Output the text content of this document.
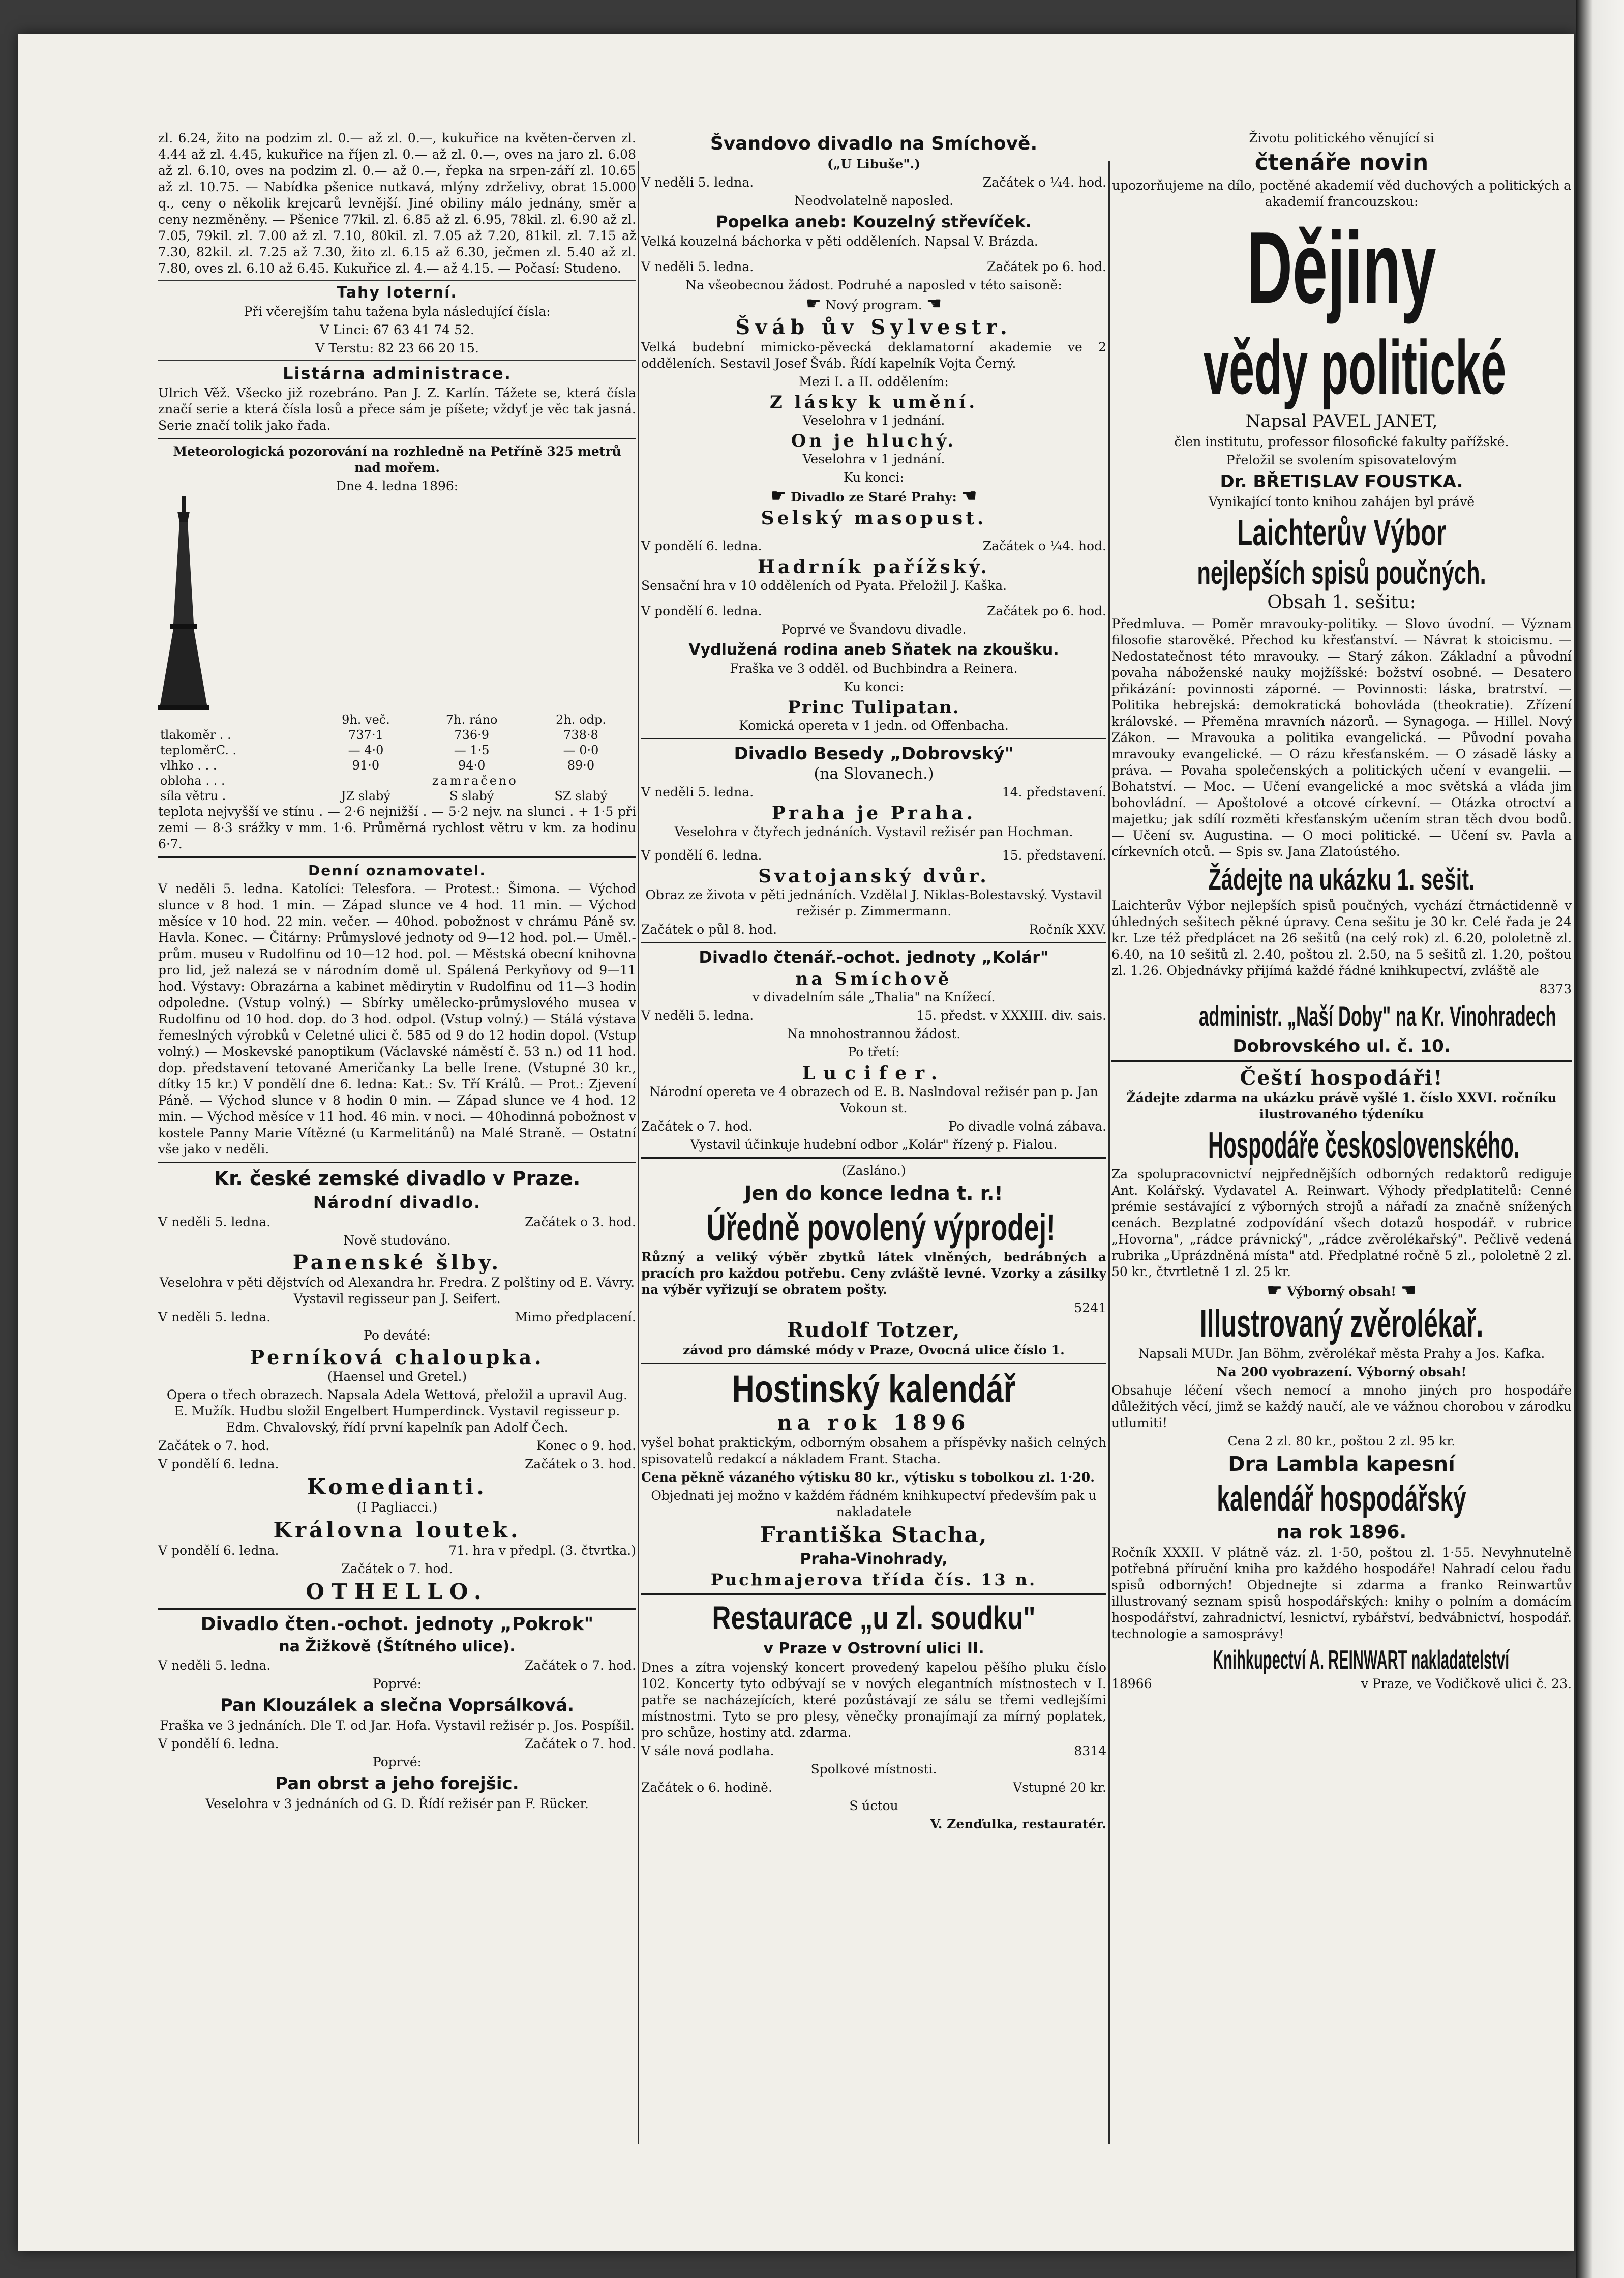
zl. 6.24, žito na podzim zl. 0.— až zl. 0.—, kukuřice na květen-červen zl. 4.44 až zl. 4.45, kukuřice na říjen zl. 0.— až zl. 0.—, oves na jaro zl. 6.08 až zl. 6.10, oves na podzim zl. 0.— až 0.—, řepka na srpen-září zl. 10.65 až zl. 10.75. — Nabídka pšenice nutkavá, mlýny zdrželivy, obrat 15.000 q., ceny o několik krejcarů levnější. Jiné obiliny málo jednány, směr a ceny nezměněny. — Pšenice 77kil. zl. 6.85 až zl. 6.95, 78kil. zl. 6.90 až zl. 7.05, 79kil. zl. 7.00 až zl. 7.10, 80kil. zl. 7.05 až 7.20, 81kil. zl. 7.15 až 7.30, 82kil. zl. 7.25 až 7.30, žito zl. 6.15 až 6.30, ječmen zl. 5.40 až zl. 7.80, oves zl. 6.10 až 6.45. Kukuřice zl. 4.— až 4.15. — Počasí: Studeno.

Tahy loterní.

Při včerejším tahu tažena byla následující čísla:

V Linci: 67 63 41 74 52.

V Terstu: 82 23 66 20 15.

Listárna administrace.

Ulrich Věž. Všecko již rozebráno. Pan J. Z. Karlín. Tážete se, která čísla značí serie a která čísla losů a přece sám je píšete; vždyť je věc tak jasná. Serie značí tolik jako řada.

Meteorologická pozorování na rozhledně na Petříně 325 metrů nad mořem.

Dne 4. ledna 1896:

	9h. več.	7h. ráno	2h. odp.
tlakoměr . .	737·1	736·9	738·8
teploměrC. .	— 4·0	— 1·5	— 0·0
vlhko . . .	91·0	94·0	89·0
obloha . . .	zamračeno		
síla větru .	JZ slabý	S slabý	SZ slabý

teplota nejvyšší ve stínu . — 2·6 nejnižší . — 5·2 nejv. na slunci . + 1·5 při zemi — 8·3 srážky v mm. 1·6. Průměrná rychlost větru v km. za hodinu 6·7.

Denní oznamovatel.

V neděli 5. ledna. Katolíci: Telesfora. — Protest.: Šimona. — Východ slunce v 8 hod. 1 min. — Západ slunce ve 4 hod. 11 min. — Východ měsíce v 10 hod. 22 min. večer. — 40hod. pobožnost v chrámu Páně sv. Havla. Konec. — Čitárny: Průmyslové jednoty od 9—12 hod. pol.— Uměl.-prům. museu v Rudolfinu od 10—12 hod. pol. — Městská obecní knihovna pro lid, jež nalezá se v národním domě ul. Spálená Perkyňovy od 9—11 hod. Výstavy: Obrazárna a kabinet mědirytin v Rudolfinu od 11—3 hodin odpoledne. (Vstup volný.) — Sbírky umělecko-průmyslového musea v Rudolfinu od 10 hod. dop. do 3 hod. odpol. (Vstup volný.) — Stálá výstava řemeslných výrobků v Celetné ulici č. 585 od 9 do 12 hodin dopol. (Vstup volný.) — Moskevské panoptikum (Václavské náměstí č. 53 n.) od 11 hod. dop. představení tetované Američanky La belle Irene. (Vstupné 30 kr., dítky 15 kr.) V pondělí dne 6. ledna: Kat.: Sv. Tří Králů. — Prot.: Zjevení Páně. — Východ slunce v 8 hodin 0 min. — Západ slunce ve 4 hod. 12 min. — Východ měsíce v 11 hod. 46 min. v noci. — 40hodinná pobožnost v kostele Panny Marie Vítězné (u Karmelitánů) na Malé Straně. — Ostatní vše jako v neděli.

Kr. české zemské divadlo v Praze.
Národní divadlo.
V neděli 5. ledna.	Začátek o 3. hod.

Nově studováno.

Panenské šlby.

Veselohra v pěti dějstvích od Alexandra hr. Fredra. Z polštiny od E. Vávry. Vystavil regisseur pan J. Seifert.

V neděli 5. ledna.	Mimo předplacení.

Po deváté:

Perníková chaloupka.

(Haensel und Gretel.)

Opera o třech obrazech. Napsala Adela Wettová, přeložil a upravil Aug. E. Mužík. Hudbu složil Engelbert Humperdinck. Vystavil regisseur p. Edm. Chvalovský, řídí první kapelník pan Adolf Čech.

Začátek o 7. hod.	Konec o 9. hod.
V pondělí 6. ledna.	Začátek o 3. hod.
Komedianti.

(I Pagliacci.)

Královna loutek.
V pondělí 6. ledna.	71. hra v předpl. (3. čtvrtka.)

Začátek o 7. hod.

OTHELLO.
Divadlo čten.-ochot. jednoty „Pokrok"
na Žižkově (Štítného ulice).
V neděli 5. ledna.	Začátek o 7. hod.

Poprvé:

Pan Klouzálek a slečna Voprsálková.

Fraška ve 3 jednáních. Dle T. od Jar. Hofa. Vystavil režisér p. Jos. Pospíšil.

V pondělí 6. ledna.	Začátek o 7. hod.

Poprvé:

Pan obrst a jeho forejšic.

Veselohra v 3 jednáních od G. D. Řídí režisér pan F. Rücker.

Švandovo divadlo na Smíchově.

(„U Libuše".)

V neděli 5. ledna.	Začátek o ¼4. hod.

Neodvolatelně naposled.

Popelka aneb: Kouzelný střevíček.

Velká kouzelná báchorka v pěti odděleních. Napsal V. Brázda.

V neděli 5. ledna.	Začátek po 6. hod.

Na všeobecnou žádost. Podruhé a naposled v této saisoně:

☛ Nový program. ☚

Šváb ův Sylvestr.

Velká budební mimicko-pěvecká deklamatorní akademie ve 2 odděleních. Sestavil Josef Šváb. Řídí kapelník Vojta Černý.

Mezi I. a II. oddělením:

Z lásky k umění.

Veselohra v 1 jednání.

On je hluchý.

Veselohra v 1 jednání.

Ku konci:

☛ Divadlo ze Staré Prahy: ☚

Selský masopust.
V pondělí 6. ledna.	Začátek o ¼4. hod.
Hadrník pařížský.

Sensační hra v 10 odděleních od Pyata. Přeložil J. Kaška.

V pondělí 6. ledna.	Začátek po 6. hod.

Poprvé ve Švandovu divadle.

Vydlužená rodina aneb Sňatek na zkoušku.

Fraška ve 3 odděl. od Buchbindra a Reinera.

Ku konci:

Princ Tulipatan.

Komická opereta v 1 jedn. od Offenbacha.

Divadlo Besedy „Dobrovský"

(na Slovanech.)

V neděli 5. ledna.	14. představení.
Praha je Praha.

Veselohra v čtyřech jednáních. Vystavil režisér pan Hochman.

V pondělí 6. ledna.	15. představení.
Svatojanský dvůr.

Obraz ze života v pěti jednáních. Vzdělal J. Niklas-Bolestavský. Vystavil režisér p. Zimmermann.

Začátek o půl 8. hod.	Ročník XXV.
Divadlo čtenář.-ochot. jednoty „Kolár"
na Smíchově

v divadelním sále „Thalia" na Knížecí.

V neděli 5. ledna.	15. předst. v XXXIII. div. sais.

Na mnohostrannou žádost.

Po třetí:

Lucifer.

Národní opereta ve 4 obrazech od E. B. Naslndoval režisér pan p. Jan Vokoun st.

Začátek o 7. hod.	Po divadle volná zábava.

Vystavil účinkuje hudební odbor „Kolár" řízený p. Fialou.

(Zasláno.)

Jen do konce ledna t. r.!
Úředně povolený výprodej!

Různý a veliký výběr zbytků látek vlněných, bedrábných a pracích pro každou potřebu. Ceny zvláště levné. Vzorky a zásilky na výběr vyřizují se obratem pošty.

5241

Rudolf Totzer,

závod pro dámské módy v Praze, Ovocná ulice číslo 1.

Hostinský kalendář
na rok 1896

vyšel bohat praktickým, odborným obsahem a příspěvky našich celných spisovatelů redakcí a nákladem Frant. Stacha.

Cena pěkně vázaného výtisku 80 kr., výtisku s tobolkou zl. 1·20.

Objednati jej možno v každém řádném knihkupectví především pak u nakladatele

Františka Stacha,
Praha-Vinohrady,
Puchmajerova třída čís. 13 n.
Restaurace „u zl. soudku"
v Praze v Ostrovní ulici II.

Dnes a zítra vojenský koncert provedený kapelou pěšího pluku číslo 102. Koncerty tyto odbývají se v nových elegantních místnostech v I. patře se nacházejících, které pozůstávají ze sálu se třemi vedlejšími místnostmi. Tyto se pro plesy, věnečky pronajímají za mírný poplatek, pro schůze, hostiny atd. zdarma.

V sále nová podlaha.	8314

Spolkové místnosti.

Začátek o 6. hodině.	Vstupné 20 kr.

S úctou

V. Zenďulka, restauratér.

Životu politického věnující si

čtenáře novin

upozorňujeme na dílo, poctěné akademií věd duchových a politických a akademií francouzskou:

Dějiny
vědy politické

Napsal PAVEL JANET,

člen institutu, professor filosofické fakulty pařížské.

Přeložil se svolením spisovatelovým

Dr. BŘETISLAV FOUSTKA.

Vynikající tonto knihou zahájen byl právě

Laichterův Výbor
nejlepších spisů poučných.

Obsah 1. sešitu:

Předmluva. — Poměr mravouky-politiky. — Slovo úvodní. — Význam filosofie starověké. Přechod ku křesťanství. — Návrat k stoicismu. — Nedostatečnost této mravouky. — Starý zákon. Základní a původní povaha náboženské nauky mojžíšské: božství osobné. — Desatero přikázání: povinnosti záporné. — Povinnosti: láska, bratrství. — Politika hebrejská: demokratická bohovláda (theokratie). Zřízení královské. — Přeměna mravních názorů. — Synagoga. — Hillel. Nový Zákon. — Mravouka a politika evangelická. — Původní povaha mravouky evangelické. — O rázu křesťanském. — O zásadě lásky a práva. — Povaha společenských a politických učení v evangelii. — Bohatství. — Moc. — Učení evangelické a moc světská a vláda jim bohovládní. — Apoštolové a otcové církevní. — Otázka otroctví a majetku; jak sdílí rozměti křesťanským učením stran těch dvou bodů. — Učení sv. Augustina. — O moci politické. — Učení sv. Pavla a církevních otců. — Spis sv. Jana Zlatoústého.

Žádejte na ukázku 1. sešit.

Laichterův Výbor nejlepších spisů poučných, vychází čtrnáctidenně v úhledných sešitech pěkné úpravy. Cena sešitu je 30 kr. Celé řada je 24 kr. Lze též předplácet na 26 sešitů (na celý rok) zl. 6.20, pololetně zl. 6.40, na 10 sešitů zl. 2.40, poštou zl. 2.50, na 5 sešitů zl. 1.20, poštou zl. 1.26. Objednávky přijímá každé řádné knihkupectví, zvláště ale

8373

administr. „Naší Doby" na Kr. Vinohradech
Dobrovského ul. č. 10.
Čeští hospodáři!

Žádejte zdarma na ukázku právě vyšlé 1. číslo XXVI. ročníku ilustrovaného týdeníku

Hospodáře československého.

Za spolupracovnictví nejpřednějších odborných redaktorů rediguje Ant. Kolářský. Vydavatel A. Reinwart. Výhody předplatitelů: Cenné prémie sestávající z výborných strojů a nářadí za značně snížených cenách. Bezplatné zodpovídání všech dotazů hospodář. v rubrice „Hovorna", „rádce právnický", „rádce zvěrolékařský". Pečlivě vedená rubrika „Uprázdněná místa" atd. Předplatné ročně 5 zl., pololetně 2 zl. 50 kr., čtvrtletně 1 zl. 25 kr.

☛ Výborný obsah! ☚

Illustrovaný zvěrolékař.

Napsali MUDr. Jan Böhm, zvěrolékař města Prahy a Jos. Kafka.

Na 200 vyobrazení. Výborný obsah!

Obsahuje léčení všech nemocí a mnoho jiných pro hospodáře důležitých věcí, jimž se každý naučí, ale ve vážnou chorobou v zárodku utlumiti!

Cena 2 zl. 80 kr., poštou 2 zl. 95 kr.

Dra Lambla kapesní
kalendář hospodářský
na rok 1896.

Ročník XXXII. V plátně váz. zl. 1·50, poštou zl. 1·55. Nevyhnutelně potřebná příruční kniha pro každého hospodáře! Nahradí celou řadu spisů odborných! Objednejte si zdarma a franko Reinwartův illustrovaný seznam spisů hospodářských: knihy o polním a domácím hospodářství, zahradnictví, lesnictví, rybářství, bedvábnictví, hospodář. technologie a samosprávy!

Knihkupectví A. REINWART nakladatelství
18966	v Praze, ve Vodičkově ulici č. 23.
